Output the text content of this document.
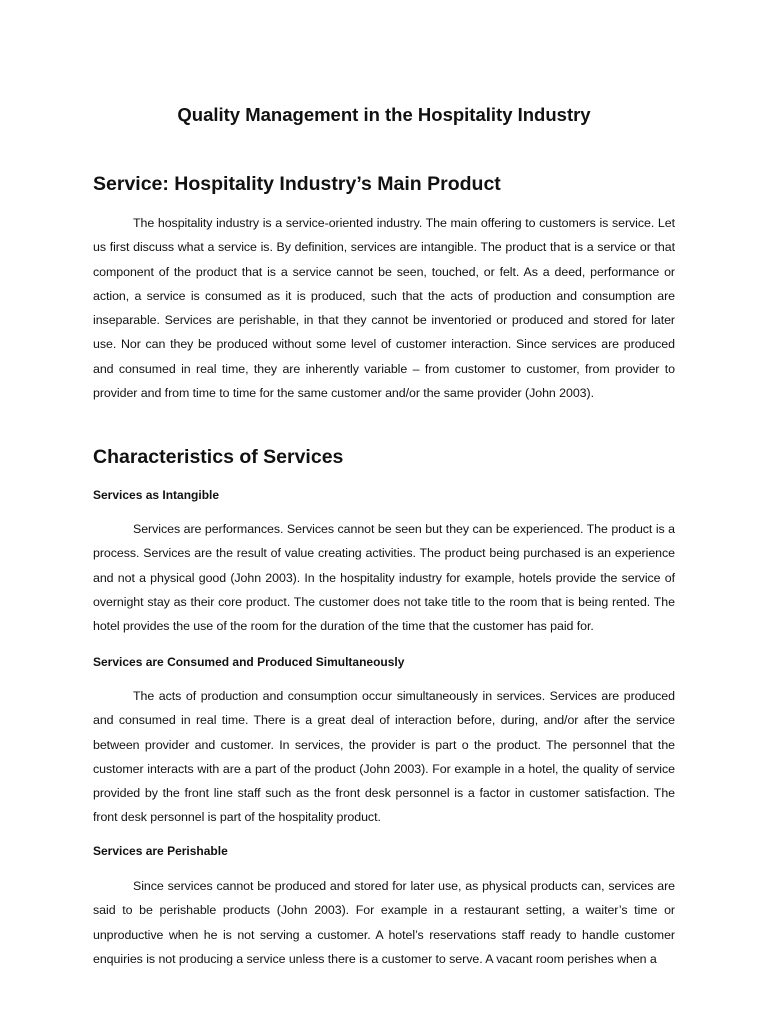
Quality Management in the Hospitality Industry
Service: Hospitality Industry’s Main Product

The hospitality industry is a service-oriented industry. The main offering to customers is service. Let us first discuss what a service is. By definition, services are intangible. The product that is a service or that component of the product that is a service cannot be seen, touched, or felt. As a deed, performance or action, a service is consumed as it is produced, such that the acts of production and consumption are inseparable. Services are perishable, in that they cannot be inventoried or produced and stored for later use. Nor can they be produced without some level of customer interaction. Since services are produced and consumed in real time, they are inherently variable – from customer to customer, from provider to provider and from time to time for the same customer and/or the same provider (John 2003).

Characteristics of Services
Services as Intangible

Services are performances. Services cannot be seen but they can be experienced. The product is a process. Services are the result of value creating activities. The product being purchased is an experience and not a physical good (John 2003). In the hospitality industry for example, hotels provide the service of overnight stay as their core product. The customer does not take title to the room that is being rented. The hotel provides the use of the room for the duration of the time that the customer has paid for.

Services are Consumed and Produced Simultaneously

The acts of production and consumption occur simultaneously in services. Services are produced and consumed in real time. There is a great deal of interaction before, during, and/or after the service between provider and customer. In services, the provider is part o the product. The personnel that the customer interacts with are a part of the product (John 2003). For example in a hotel, the quality of service provided by the front line staff such as the front desk personnel is a factor in customer satisfaction. The front desk personnel is part of the hospitality product.

Services are Perishable

Since services cannot be produced and stored for later use, as physical products can, services are said to be perishable products (John 2003). For example in a restaurant setting, a waiter’s time or unproductive when he is not serving a customer. A hotel’s reservations staff ready to handle customer enquiries is not producing a service unless there is a customer to serve. A vacant room perishes when a
